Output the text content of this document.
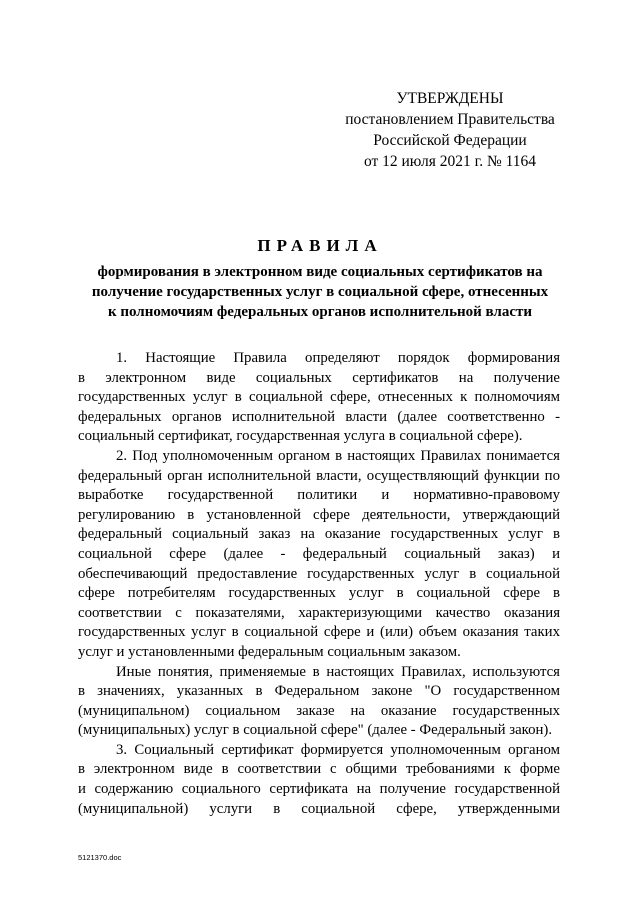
УТВЕРЖДЕНЫ
постановлением Правительства
Российской Федерации
от 12 июля 2021 г. № 1164
ПРАВИЛА
формирования в электронном виде социальных сертификатов на
получение государственных услуг в социальной сфере, отнесенных
к полномочиям федеральных органов исполнительной власти
1. Настоящие Правила определяют порядок формирования
в электронном виде социальных сертификатов на получение
государственных услуг в социальной сфере, отнесенных к полномочиям
федеральных органов исполнительной власти (далее соответственно -
социальный сертификат, государственная услуга в социальной сфере).
2. Под уполномоченным органом в настоящих Правилах понимается
федеральный орган исполнительной власти, осуществляющий функции по
выработке государственной политики и нормативно-правовому
регулированию в установленной сфере деятельности, утверждающий
федеральный социальный заказ на оказание государственных услуг в
социальной сфере (далее - федеральный социальный заказ) и
обеспечивающий предоставление государственных услуг в социальной
сфере потребителям государственных услуг в социальной сфере в
соответствии с показателями, характеризующими качество оказания
государственных услуг в социальной сфере и (или) объем оказания таких
услуг и установленными федеральным социальным заказом.
Иные понятия, применяемые в настоящих Правилах, используются
в значениях, указанных в Федеральном законе "О государственном
(муниципальном) социальном заказе на оказание государственных
(муниципальных) услуг в социальной сфере" (далее - Федеральный закон).
3. Социальный сертификат формируется уполномоченным органом
в электронном виде в соответствии с общими требованиями к форме
и содержанию социального сертификата на получение государственной
(муниципальной) услуги в социальной сфере, утвержденными
5121370.doc
